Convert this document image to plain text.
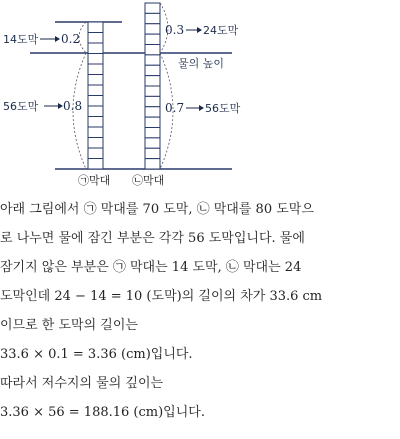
14도막 0.2
56도막 0.8
0.3 24도막
물의 높이
0.7 56도막
㉠막대 ㉡막대
아래 그림에서 ㉠ 막대를 70 도막, ㉡ 막대를 80 도막으
로 나누면 물에 잠긴 부분은 각각 56 도막입니다. 물에
잠기지 않은 부분은 ㉠ 막대는 14 도막, ㉡ 막대는 24
도막인데 24 − 14 = 10 (도막)의 길이의 차가 33.6 cm
이므로 한 도막의 길이는
33.6 × 0.1 = 3.36 (cm)입니다.
따라서 저수지의 물의 깊이는
3.36 × 56 = 188.16 (cm)입니다.
